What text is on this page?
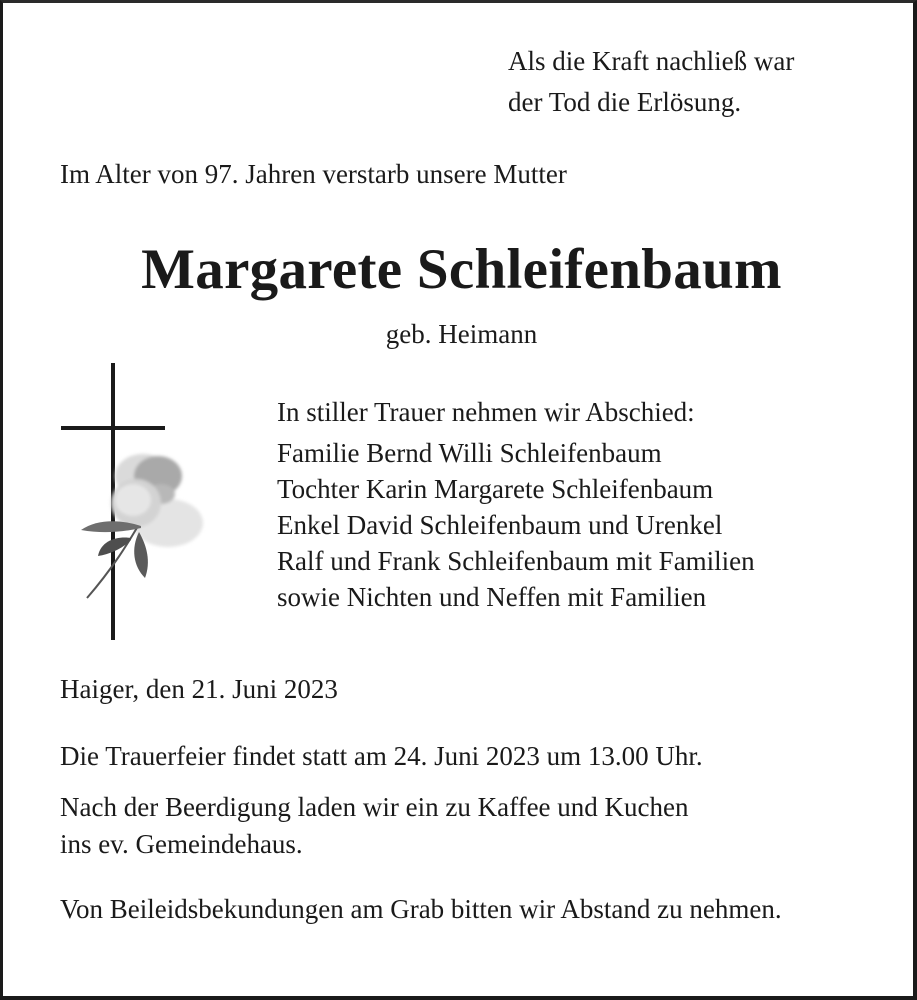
Als die Kraft nachließ war
der Tod die Erlösung.
Im Alter von 97. Jahren verstarb unsere Mutter
Margarete Schleifenbaum
geb. Heimann
In stiller Trauer nehmen wir Abschied:
Familie Bernd Willi Schleifenbaum
Tochter Karin Margarete Schleifenbaum
Enkel David Schleifenbaum und Urenkel
Ralf und Frank Schleifenbaum mit Familien
sowie Nichten und Neffen mit Familien
Haiger, den 21. Juni 2023
Die Trauerfeier findet statt am 24. Juni 2023 um 13.00 Uhr.
Nach der Beerdigung laden wir ein zu Kaffee und Kuchen
ins ev. Gemeindehaus.
Von Beileidsbekundungen am Grab bitten wir Abstand zu nehmen.
